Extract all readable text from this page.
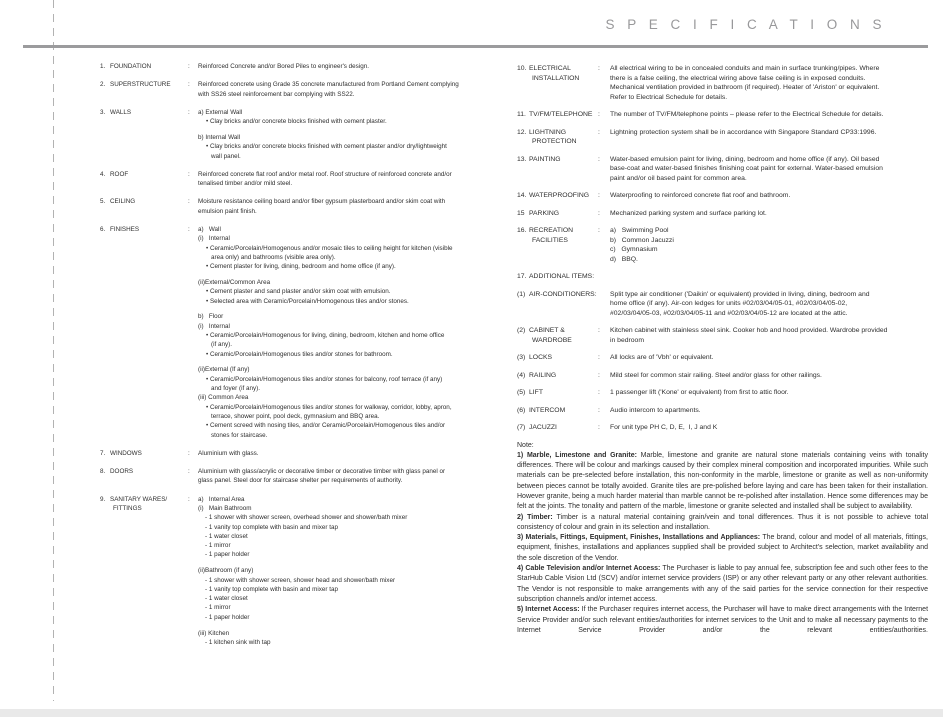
S P E C I F I C A T I O N S
1. FOUNDATION	:	Reinforced Concrete and/or Bored Piles to engineer's design.
2. SUPERSTRUCTURE	:	Reinforced concrete using Grade 35 concrete manufactured from Portland Cement complying
with SS26 steel reinforcement bar complying with SS22.
3. WALLS	:	a) External Wall
• Clay bricks and/or concrete blocks finished with cement plaster.
b) Internal Wall
• Clay bricks and/or concrete blocks finished with cement plaster and/or dry/lightweight
wall panel.
4. ROOF	:	Reinforced concrete flat roof and/or metal roof. Roof structure of reinforced concrete and/or
tenalised timber and/or mild steel.
5. CEILING	:	Moisture resistance ceiling board and/or fiber gypsum plasterboard and/or skim coat with
emulsion paint finish.
6. FINISHES	:	a)   Wall
(i)   Internal
• Ceramic/Porcelain/Homogenous and/or mosaic tiles to ceiling height for kitchen (visible
area only) and bathrooms (visible area only).
• Cement plaster for living, dining, bedroom and home office (if any).
(ii)External/Common Area
• Cement plaster and sand plaster and/or skim coat with emulsion.
• Selected area with Ceramic/Porcelain/Homogenous tiles and/or stones.
b)   Floor
(i)   Internal
• Ceramic/Porcelain/Homogenous for living, dining, bedroom, kitchen and home office
(if any).
• Ceramic/Porcelain/Homogenous tiles and/or stones for bathroom.
(ii)External (If any)
• Ceramic/Porcelain/Homogenous tiles and/or stones for balcony, roof terrace (if any)
and foyer (if any).
(iii) Common Area
• Ceramic/Porcelain/Homogenous tiles and/or stones for walkway, corridor, lobby, apron,
terrace, shower point, pool deck, gymnasium and BBQ area.
• Cement screed with nosing tiles, and/or Ceramic/Porcelain/Homogenous tiles and/or
stones for staircase.
7. WINDOWS	:	Aluminium with glass.
8. DOORS	:	Aluminium with glass/acrylic or decorative timber or decorative timber with glass panel or
glass panel. Steel door for staircase shelter per requirements of authority.
9. SANITARY WARES/
FITTINGS
:	a)   Internal Area
(i)   Main Bathroom
- 1 shower with shower screen, overhead shower and shower/bath mixer
- 1 vanity top complete with basin and mixer tap
- 1 water closet
- 1 mirror
- 1 paper holder
(ii)Bathroom (if any)
- 1 shower with shower screen, shower head and shower/bath mixer
- 1 vanity top complete with basin and mixer tap
- 1 water closet
- 1 mirror
- 1 paper holder
(iii) Kitchen
- 1 kitchen sink with tap
10. ELECTRICAL
INSTALLATION
:	All electrical wiring to be in concealed conduits and main in surface trunking/pipes. Where
there is a false ceiling, the electrical wiring above false ceiling is in exposed conduits.
Mechanical ventilation provided in bathroom (if required). Heater of 'Ariston' or equivalent.
Refer to Electrical Schedule for details.
11. TV/FM/TELEPHONE :	The number of TV/FM/telephone points – please refer to the Electrical Schedule for details.
12. LIGHTNING
PROTECTION
:	Lightning protection system shall be in accordance with Singapore Standard CP33:1996.
13. PAINTING	:	Water-based emulsion paint for living, dining, bedroom and home office (if any). Oil based
base-coat and water-based finishes finishing coat paint for external. Water-based emulsion
paint and/or oil based paint for common area.
14. WATERPROOFING	:	Waterproofing to reinforced concrete flat roof and bathroom.
15 PARKING	:	Mechanized parking system and surface parking lot.
16. RECREATION
FACILITIES
:	a)   Swimming Pool
b)   Common Jacuzzi
c)   Gymnasium
d)   BBQ.
17. ADDITIONAL ITEMS:
(1) AIR-CONDITIONERS: Split type air conditioner ('Daikin' or equivalent) provided in living, dining, bedroom and
home office (if any). Air-con ledges for units #02/03/04/05-01, #02/03/04/05-02,
#02/03/04/05-03, #02/03/04/05-11 and #02/03/04/05-12 are located at the attic.
(2) CABINET &
WARDROBE
:	Kitchen cabinet with stainless steel sink. Cooker hob and hood provided. Wardrobe provided
in bedroom
(3) LOCKS	:	All locks are of 'Vbh' or equivalent.
(4) RAILING	:	Mild steel for common stair railing. Steel and/or glass for other railings.
(5) LIFT	:	1 passenger lift ('Kone' or equivalent) from first to attic floor.
(6) INTERCOM	:	Audio intercom to apartments.
(7) JACUZZI	:	For unit type PH C, D, E,  I, J and K
Note:

1) Marble, Limestone and Granite: Marble, limestone and granite are natural stone materials containing veins with tonality differences. There will be colour and markings caused by their complex mineral composition and incorporated impurities. While such materials can be pre-selected before installation, this non-conformity in the marble, limestone or granite as well as non-uniformity between pieces cannot be totally avoided. Granite tiles are pre-polished before laying and care has been taken for their installation. However granite, being a much harder material than marble cannot be re-polished after installation. Hence some differences may be felt at the joints. The tonality and pattern of the marble, limestone or granite selected and installed shall be subject to availability.

2) Timber: Timber is a natural material containing grain/vein and tonal differences. Thus it is not possible to achieve total consistency of colour and grain in its selection and installation.

3) Materials, Fittings, Equipment, Finishes, Installations and Appliances: The brand, colour and model of all materials, fittings, equipment, finishes, installations and appliances supplied shall be provided subject to Architect's selection, market availability and the sole discretion of the Vendor.

4) Cable Television and/or Internet Access: The Purchaser is liable to pay annual fee, subscription fee and such other fees to the StarHub Cable Vision Ltd (SCV) and/or internet service providers (ISP) or any other relevant party or any other relevant authorities. The Vendor is not responsible to make arrangements with any of the said parties for the service connection for their respective subscription channels and/or internet access.

5) Internet Access: If the Purchaser requires internet access, the Purchaser will have to make direct arrangements with the Internet Service Provider and/or such relevant entities/authorities for internet services to the Unit and to make all necessary payments to the Internet Service Provider and/or the relevant entities/authorities.
